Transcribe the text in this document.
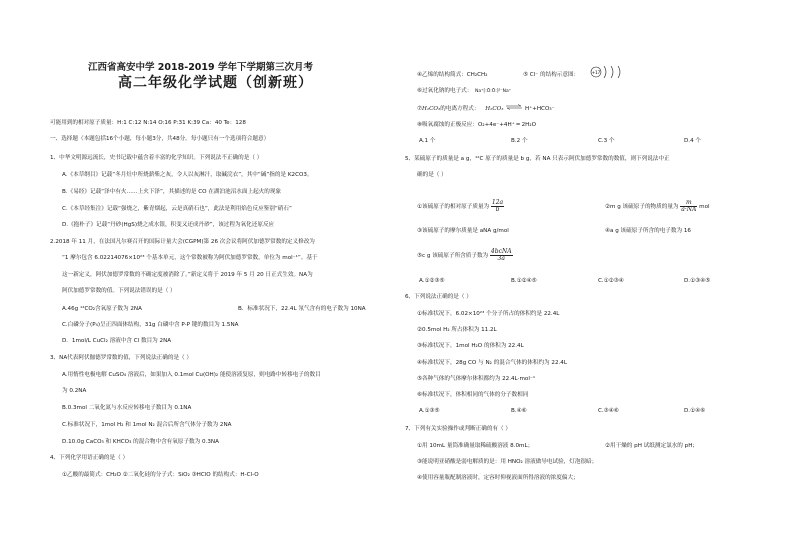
江西省高安中学 2018-2019 学年下学期第三次月考
高二年级化学试题（创新班）
可能用到的相对原子质量：H:1 C:12 N:14 O:16 P:31 K:39 Ca：40 Te：128
一、选择题（本题包括16个小题，每小题3分，共48分。每小题只有一个选项符合题意）
1、中华文明源远流长，史书记载中蕴含着丰富的化学知识。下列说法不正确的是（ ）
A.《本草纲目》记载“冬月灶中所烧薪柴之灰，令人以灰淋汁，取碱浣衣”，其中“碱”指的是 K2CO3。
B.《易经》记载“泽中有火……上火下泽”，其描述的是 CO 在湖泊池沼水面上起火的现象
C.《本草经集注》记载“强烧之，紫青烟起，云是真硝石也”，此法是利用焰色反应鉴别“硝石”
D.《抱朴子》记载“丹砂(HgS)烧之成水银，积变又还成丹砂”，该过程为氧化还原反应
2.2018 年 11 月，在法国凡尔赛召开的国际计量大会(CGPM)第 26 次会议将阿伏加德罗常数的定义修改为
“1 摩尔包含 6.02214076×10²³ 个基本单元，这个常数被称为阿伏加德罗常数，单位为 mol⁻¹”。基于
这一新定义，阿伏加德罗常数的不确定度被消除了。”新定义将于 2019 年 5 月 20 日正式生效。NA为
阿伏加德罗常数的值。下列说法错误的是（ ）
A.46g ¹⁴CO₂含氧原子数为 2NA	B．标准状况下，22.4L 氖气含有的电子数为 10NA
C.白磷分子(P₄)呈正四面体结构，31g 白磷中含 P-P 键的数目为 1.5NA
D．1mol/L CuCl₂ 溶液中含 Cl 数目为 2NA
3、NA代表阿伏伽德罗常数的值，下列说法正确的是（ ）
A.用惰性电极电解 CuSO₄ 溶液后，如果加入 0.1mol Cu(OH)₂ 能使溶液复原，则电路中转移电子的数目
为 0.2NA
B.0.3mol 二氧化氮与水反应转移电子数目为 0.1NA
C.标准状况下，1mol H₂ 和 1mol N₂ 混合后所含气体分子数为 2NA
D.10.0g CaCO₃ 和 KHCO₃ 的混合物中含有氧原子数为 0.3NA
4、下列化学用语正确的是（ ）
①乙酸的最简式：CH₂O ②二氧化硅的分子式：SiO₂ ③HClO 的结构式：H-Cl-O
④乙烯的结构简式：CH₂CH₂	⑤ Cl⁻ 的结构示意图：	+17
⑥过氧化钠的电子式： Na⁺[:Ö:Ö:]²⁻Na⁺
⑦H₂CO₃的电离方程式： H₂CO₃ ⇌ H⁺+HCO₃⁻
⑧吸氧腐蚀的正极反应：O₂+4e⁻+4H⁺ ═ 2H₂O
A.1 个	B.2 个	C.3 个	D.4 个
5、某硫原子的质量是 a g，¹²C 原子的质量是 b g，若 NA 只表示阿伏加德罗常数的数值，则下列说法中正
确的是（ ）
①该硫原子的相对原子质量为 $\frac{12a}{b}$	②m g 该硫原子的物质的量为 $\frac{m}{a\cdot NA}$ mol
③该硫原子的摩尔质量是 aNA g/mol	④a g 该硫原子所含的电子数为 16
⑤c g 该硫原子所含质子数为 $\frac{\text{4bcNA}}{3a}$
A.①②③⑤	B.①②④⑤	C.①②③④	D.①③④⑤
6、下列说法正确的是（ ）
①标准状况下，6.02×10²³ 个分子所占的体积约是 22.4L
②0.5mol H₂ 所占体积为 11.2L
③标准状况下，1mol H₂O 的体积为 22.4L
④标准状况下，28g CO 与 N₂ 的混合气体的体积约为 22.4L
⑤各种气体的气体摩尔体积都约为 22.4L·mol⁻¹
⑥标准状况下，体积相同的气体的分子数相同
A.①③⑤	B.④⑥	C.③④⑥	D.①④⑥
7、下列有关实验操作或判断正确的有（ ）
①用 10mL 量筒准确量取稀硫酸溶液 8.0mL；	②用干燥的 pH 试纸测定氯水的 pH；
③能说明亚硝酸是弱电解质的是：用 HNO₂ 溶液做导电试验，灯泡很暗；
④使用容量瓶配制溶液时，定容时仰视液面所得溶液的浓度偏大；
